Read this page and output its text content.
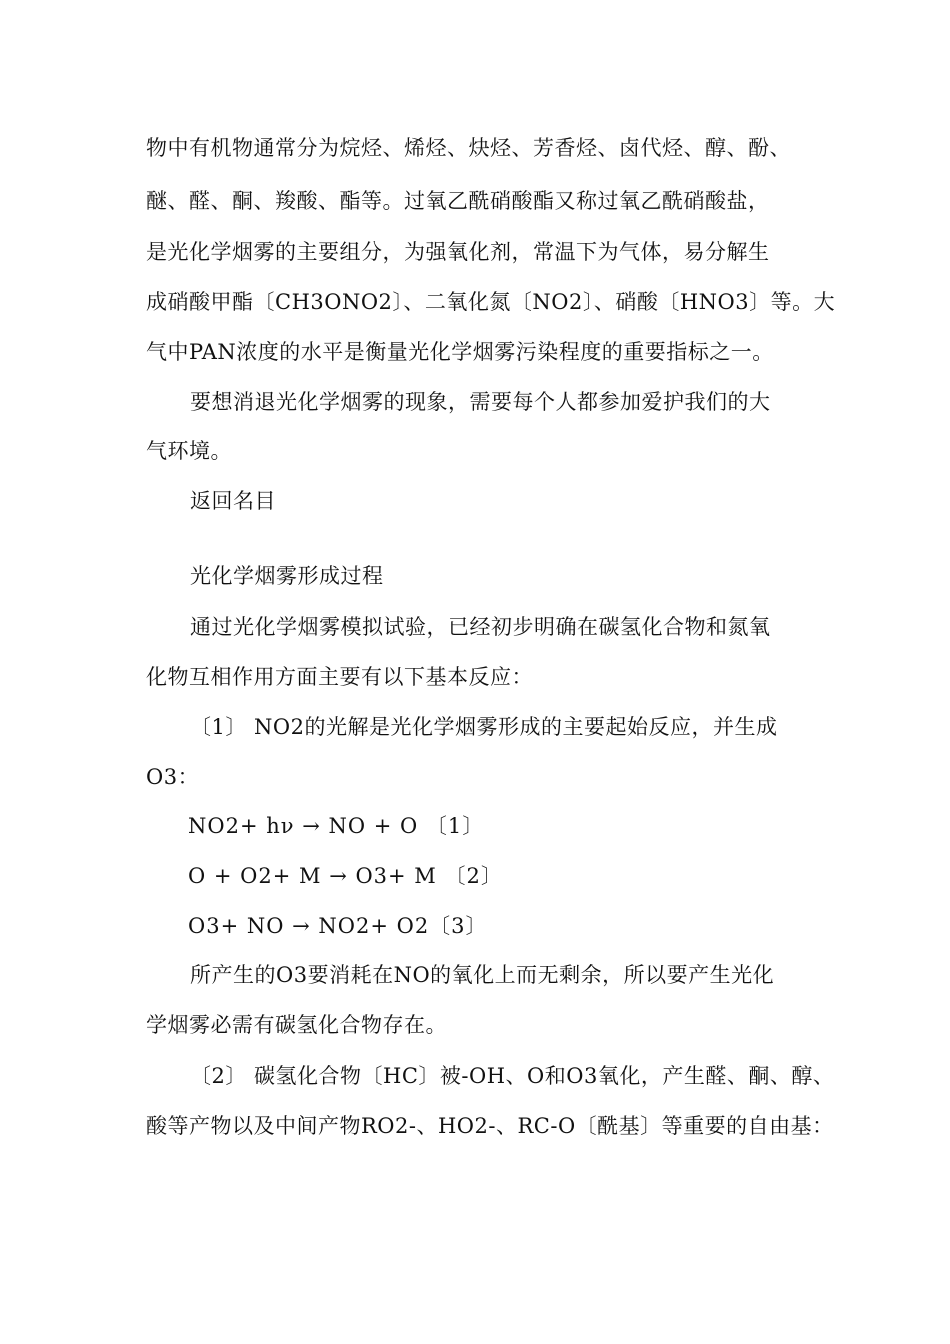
物中有机物通常分为烷烃、烯烃、炔烃、芳香烃、卤代烃、醇、酚、
醚、醛、酮、羧酸、酯等。过氧乙酰硝酸酯又称过氧乙酰硝酸盐，
是光化学烟雾的主要组分，为强氧化剂，常温下为气体，易分解生
成硝酸甲酯〔CH3ONO2〕、二氧化氮〔NO2〕、硝酸〔HNO3〕等。大
气中PAN浓度的水平是衡量光化学烟雾污染程度的重要指标之一。
要想消退光化学烟雾的现象，需要每个人都参加爱护我们的大
气环境。
返回名目
光化学烟雾形成过程
通过光化学烟雾模拟试验，已经初步明确在碳氢化合物和氮氧
化物互相作用方面主要有以下基本反应：
〔1〕 NO2的光解是光化学烟雾形成的主要起始反应，并生成
O3：
NO2+ hν → NO + O 〔1〕
O + O2+ M → O3+ M 〔2〕
O3+ NO → NO2+ O2〔3〕
所产生的O3要消耗在NO的氧化上而无剩余，所以要产生光化
学烟雾必需有碳氢化合物存在。
〔2〕 碳氢化合物〔HC〕被-OH、O和O3氧化，产生醛、酮、醇、
酸等产物以及中间产物RO2-、HO2-、RC-O〔酰基〕等重要的自由基：
